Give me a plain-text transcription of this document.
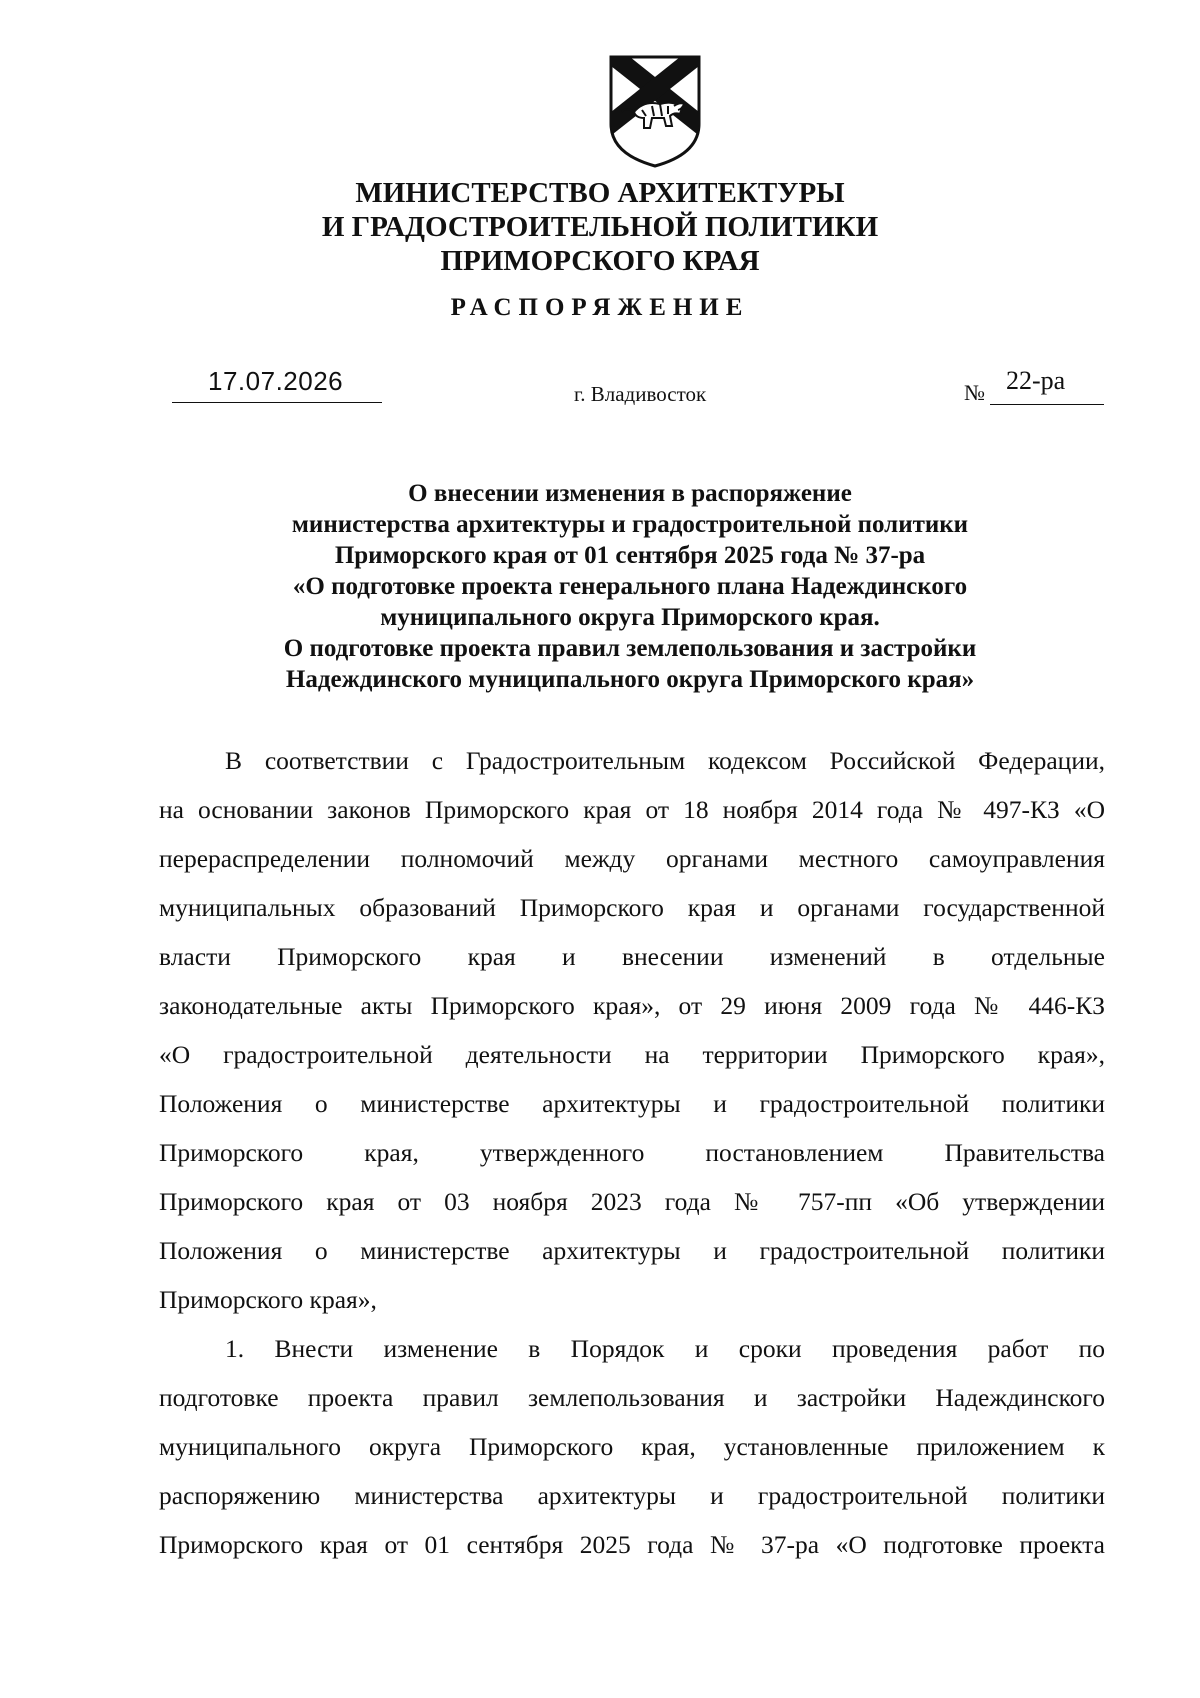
МИНИСТЕРСТВО АРХИТЕКТУРЫ
И ГРАДОСТРОИТЕЛЬНОЙ ПОЛИТИКИ
ПРИМОРСКОГО КРАЯ
РАСПОРЯЖЕНИЕ
17.07.2026	г. Владивосток	№ 22-ра
О внесении изменения в распоряжение
министерства архитектуры и градостроительной политики
Приморского края от 01 сентября 2025 года № 37-ра
«О подготовке проекта генерального плана Надеждинского
муниципального округа Приморского края.
О подготовке проекта правил землепользования и застройки
Надеждинского муниципального округа Приморского края»
В соответствии с Градостроительным кодексом Российской Федерации,
на основании законов Приморского края от 18 ноября 2014 года № 497-КЗ «О
перераспределении полномочий между органами местного самоуправления
муниципальных образований Приморского края и органами государственной
власти Приморского края и внесении изменений в отдельные
законодательные акты Приморского края», от 29 июня 2009 года № 446-КЗ
«О градостроительной деятельности на территории Приморского края»,
Положения о министерстве архитектуры и градостроительной политики
Приморского края, утвержденного постановлением Правительства
Приморского края от 03 ноября 2023 года № 757-пп «Об утверждении
Положения о министерстве архитектуры и градостроительной политики
Приморского края»,
1. Внести изменение в Порядок и сроки проведения работ по
подготовке проекта правил землепользования и застройки Надеждинского
муниципального округа Приморского края, установленные приложением к
распоряжению министерства архитектуры и градостроительной политики
Приморского края от 01 сентября 2025 года № 37-ра «О подготовке проекта
